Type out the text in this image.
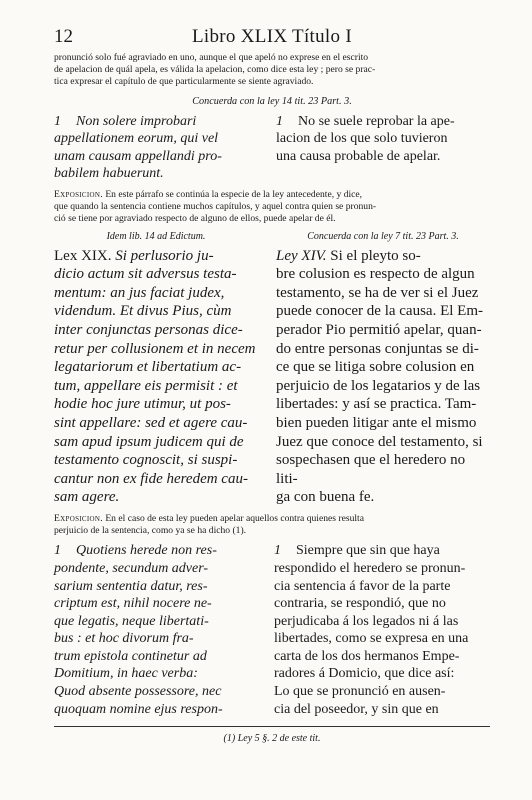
12	Libro XLIX Título I

pronunció solo fué agraviado en uno, aunque el que apeló no exprese en el escrito
de apelacion de quál apela, es válida la apelacion, como dice esta ley ; pero se prac-
tica expresar el capítulo de que particularmente se siente agraviado.

Concuerda con la ley 14 tit. 23 Part. 3.

1 Non solere improbari
appellationem eorum, qui vel
unam causam appellandi pro-
babilem habuerunt.

1 No se suele reprobar la ape-
lacion de los que solo tuvieron
una causa probable de apelar.

Exposicion. En este párrafo se continúa la especie de la ley antecedente, y dice,
que quando la sentencia contiene muchos capítulos, y aquel contra quien se pronun-
ció se tiene por agraviado respecto de alguno de ellos, puede apelar de él.

Idem lib. 14 ad Edictum.	Concuerda con la ley 7 tit. 23 Part. 3.

Lex XIX. Si perlusorio ju-
dicio actum sit adversus testa-
mentum: an jus faciat judex,
videndum. Et divus Pius, cùm
inter conjunctas personas dice-
retur per collusionem et in necem
legatariorum et libertatium ac-
tum, appellare eis permisit : et
hodie hoc jure utimur, ut pos-
sint appellare: sed et agere cau-
sam apud ipsum judicem qui de
testamento cognoscit, si suspi-
cantur non ex fide heredem cau-
sam agere.

Ley XIV. Si el pleyto so-
bre colusion es respecto de algun
testamento, se ha de ver si el Juez
puede conocer de la causa. El Em-
perador Pio permitió apelar, quan-
do entre personas conjuntas se di-
ce que se litiga sobre colusion en
perjuicio de los legatarios y de las
libertades: y así se practica. Tam-
bien pueden litigar ante el mismo
Juez que conoce del testamento, si
sospechasen que el heredero no liti-
ga con buena fe.

Exposicion. En el caso de esta ley pueden apelar aquellos contra quienes resulta
perjuicio de la sentencia, como ya se ha dicho (1).

1 Quotiens herede non res-
pondente, secundum adver-
sarium sententia datur, res-
criptum est, nihil nocere ne-
que legatis, neque libertati-
bus : et hoc divorum fra-
trum epistola continetur ad
Domitium, in haec verba:
Quod absente possessore, nec
quoquam nomine ejus respon-

1 Siempre que sin que haya
respondido el heredero se pronun-
cia sentencia á favor de la parte
contraria, se respondió, que no
perjudicaba á los legados ni á las
libertades, como se expresa en una
carta de los dos hermanos Empe-
radores á Domicio, que dice así:
Lo que se pronunció en ausen-
cia del poseedor, y sin que en

(1) Ley 5 §. 2 de este tit.
